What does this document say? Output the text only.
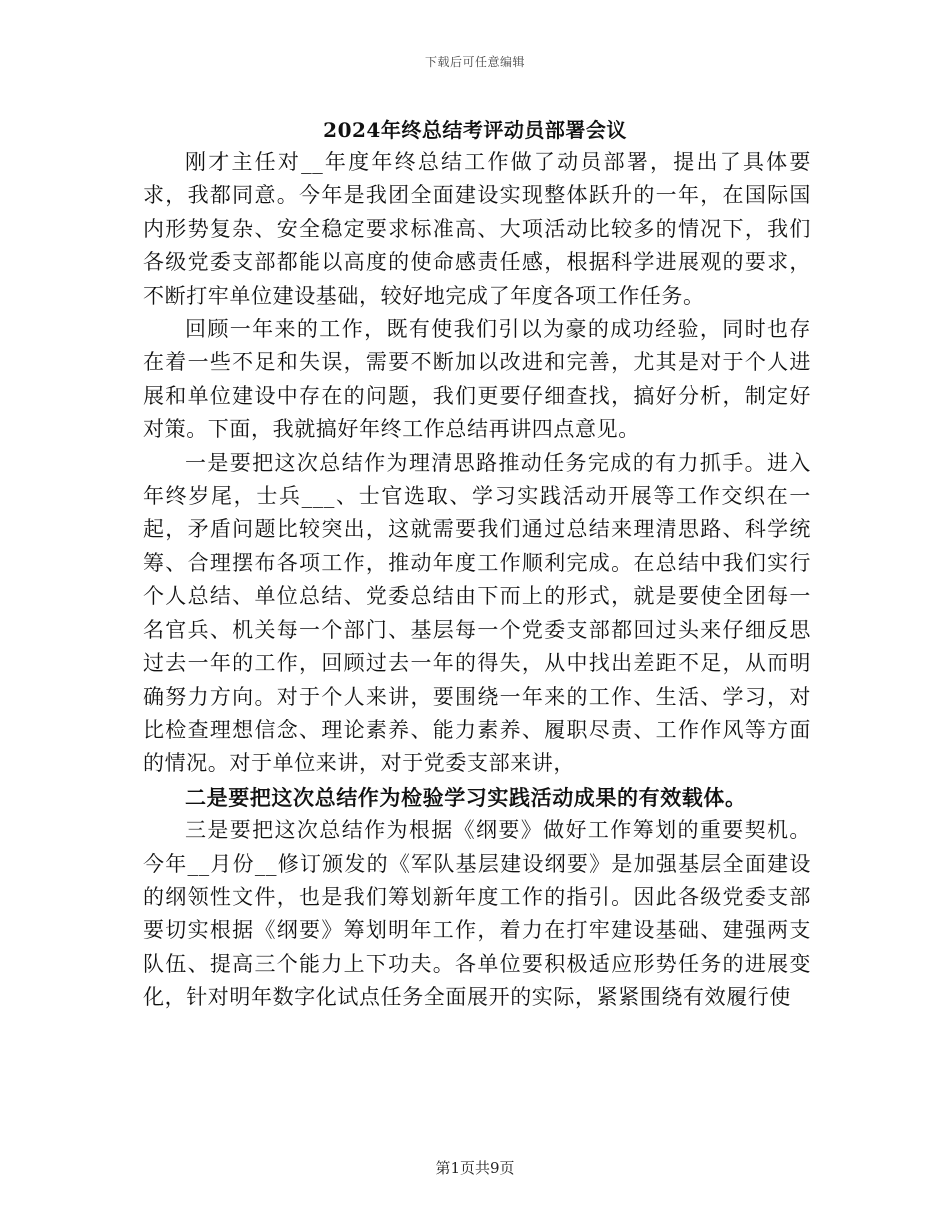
下载后可任意编辑
2024年终总结考评动员部署会议

刚才主任对__年度年终总结工作做了动员部署，提出了具体要求，我都同意。今年是我团全面建设实现整体跃升的一年，在国际国内形势复杂、安全稳定要求标准高、大项活动比较多的情况下，我们各级党委支部都能以高度的使命感责任感，根据科学进展观的要求，不断打牢单位建设基础，较好地完成了年度各项工作任务。

回顾一年来的工作，既有使我们引以为豪的成功经验，同时也存在着一些不足和失误，需要不断加以改进和完善，尤其是对于个人进展和单位建设中存在的问题，我们更要仔细查找，搞好分析，制定好对策。下面，我就搞好年终工作总结再讲四点意见。

一是要把这次总结作为理清思路推动任务完成的有力抓手。进入年终岁尾，士兵___、士官选取、学习实践活动开展等工作交织在一起，矛盾问题比较突出，这就需要我们通过总结来理清思路、科学统筹、合理摆布各项工作，推动年度工作顺利完成。在总结中我们实行个人总结、单位总结、党委总结由下而上的形式，就是要使全团每一名官兵、机关每一个部门、基层每一个党委支部都回过头来仔细反思过去一年的工作，回顾过去一年的得失，从中找出差距不足，从而明确努力方向。对于个人来讲，要围绕一年来的工作、生活、学习，对比检查理想信念、理论素养、能力素养、履职尽责、工作作风等方面的情况。对于单位来讲，对于党委支部来讲，

二是要把这次总结作为检验学习实践活动成果的有效载体。

三是要把这次总结作为根据《纲要》做好工作筹划的重要契机。今年__月份__修订颁发的《军队基层建设纲要》是加强基层全面建设的纲领性文件，也是我们筹划新年度工作的指引。因此各级党委支部要切实根据《纲要》筹划明年工作，着力在打牢建设基础、建强两支队伍、提高三个能力上下功夫。各单位要积极适应形势任务的进展变化，针对明年数字化试点任务全面展开的实际，紧紧围绕有效履行使

第1页共9页
